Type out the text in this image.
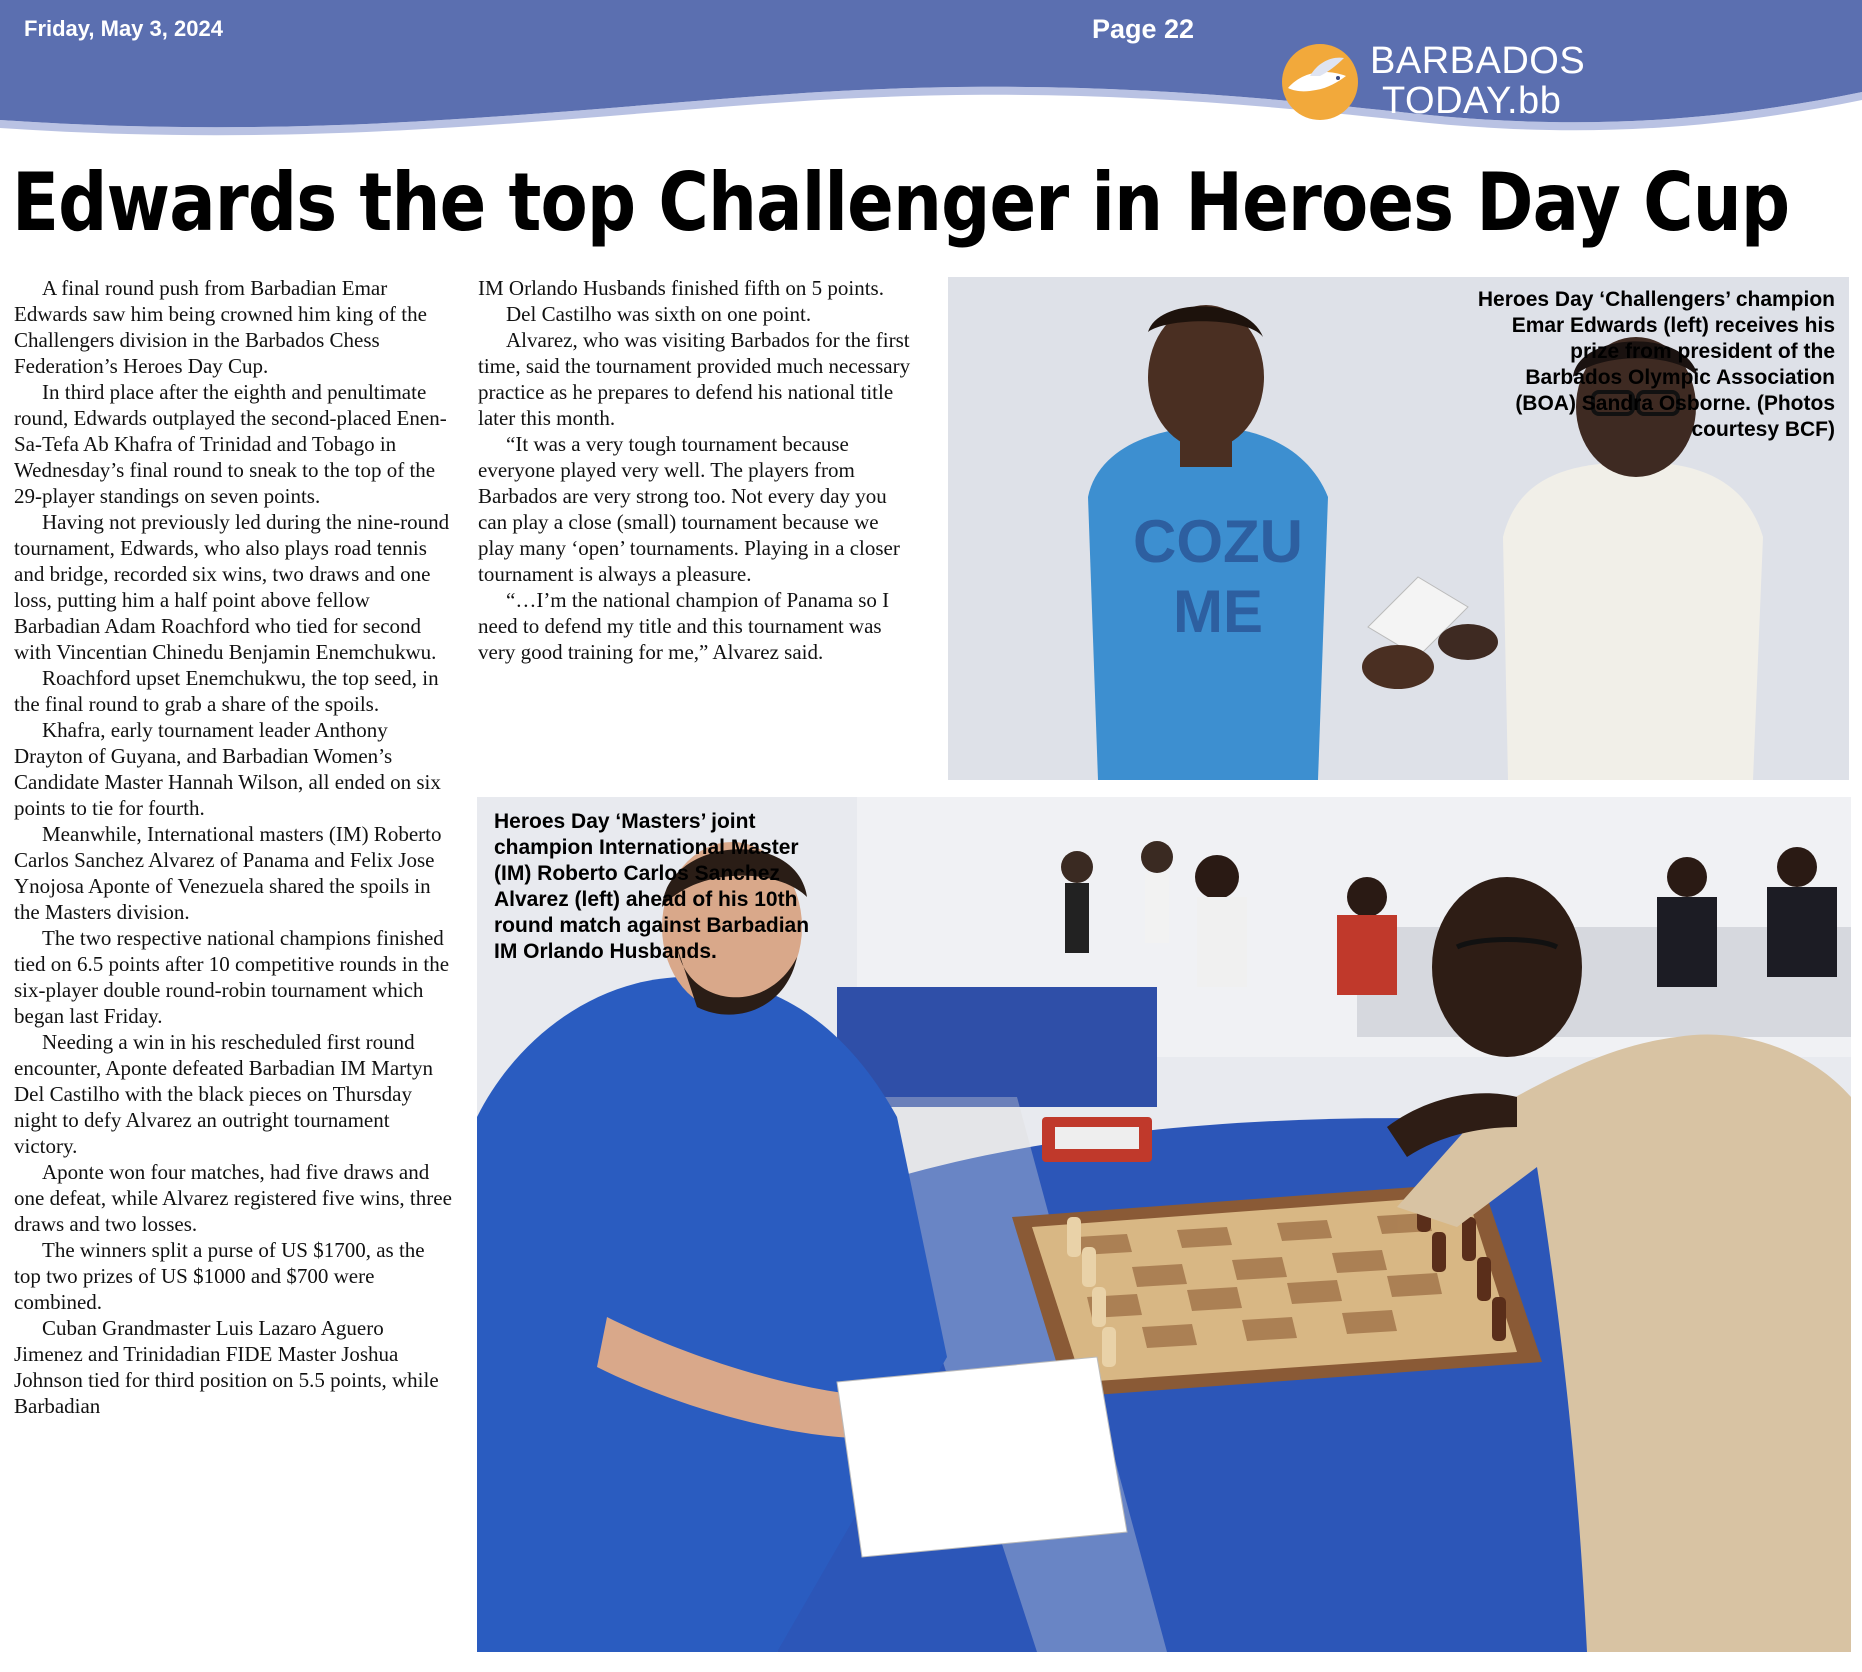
Friday, May 3, 2024	Page 22
BARBADOS
TODAY.bb
Edwards the top Challenger in Heroes Day Cup

A final round push from Barbadian Emar Edwards saw him being crowned him king of the Challengers division in the Barbados Chess Federation’s Heroes Day Cup.

In third place after the eighth and penultimate round, Edwards outplayed the second-placed Enen-Sa-Tefa Ab Khafra of Trinidad and Tobago in Wednesday’s final round to sneak to the top of the 29-player standings on seven points.

Having not previously led during the nine-round tournament, Edwards, who also plays road tennis and bridge, recorded six wins, two draws and one loss, putting him a half point above fellow Barbadian Adam Roachford who tied for second with Vincentian Chinedu Benjamin Enemchukwu.

Roachford upset Enemchukwu, the top seed, in the final round to grab a share of the spoils.

Khafra, early tournament leader Anthony Drayton of Guyana, and Barbadian Women’s Candidate Master Hannah Wilson, all ended on six points to tie for fourth.

Meanwhile, International masters (IM) Roberto Carlos Sanchez Alvarez of Panama and Felix Jose Ynojosa Aponte of Venezuela shared the spoils in the Masters division.

The two respective national champions finished tied on 6.5 points after 10 competitive rounds in the six-player double round-robin tournament which began last Friday.

Needing a win in his rescheduled first round encounter, Aponte defeated Barbadian IM Martyn Del Castilho with the black pieces on Thursday night to defy Alvarez an outright tournament victory.

Aponte won four matches, had five draws and one defeat, while Alvarez registered five wins, three draws and two losses.

The winners split a purse of US $1700, as the top two prizes of US $1000 and $700 were combined.

Cuban Grandmaster Luis Lazaro Aguero Jimenez and Trinidadian FIDE Master Joshua Johnson tied for third position on 5.5 points, while Barbadian

IM Orlando Husbands finished fifth on 5 points.

Del Castilho was sixth on one point.

Alvarez, who was visiting Barbados for the first time, said the tournament provided much necessary practice as he prepares to defend his national title later this month.

“It was a very tough tournament because everyone played very well. The players from Barbados are very strong too. Not every day you can play a close (small) tournament because we play many ‘open’ tournaments. Playing in a closer tournament is always a pleasure.

“…I’m the national champion of Panama so I need to defend my title and this tournament was very good training for me,” Alvarez said.

COZU
ME
Heroes Day ‘Challengers’ champion Emar Edwards (left) receives his prize from president of the Barbados Olympic Association (BOA) Sandra Osborne. (Photos courtesy BCF)
Heroes Day ‘Masters’ joint champion International Master (IM) Roberto Carlos Sanchez Alvarez (left) ahead of his 10th round match against Barbadian IM Orlando Husbands.
